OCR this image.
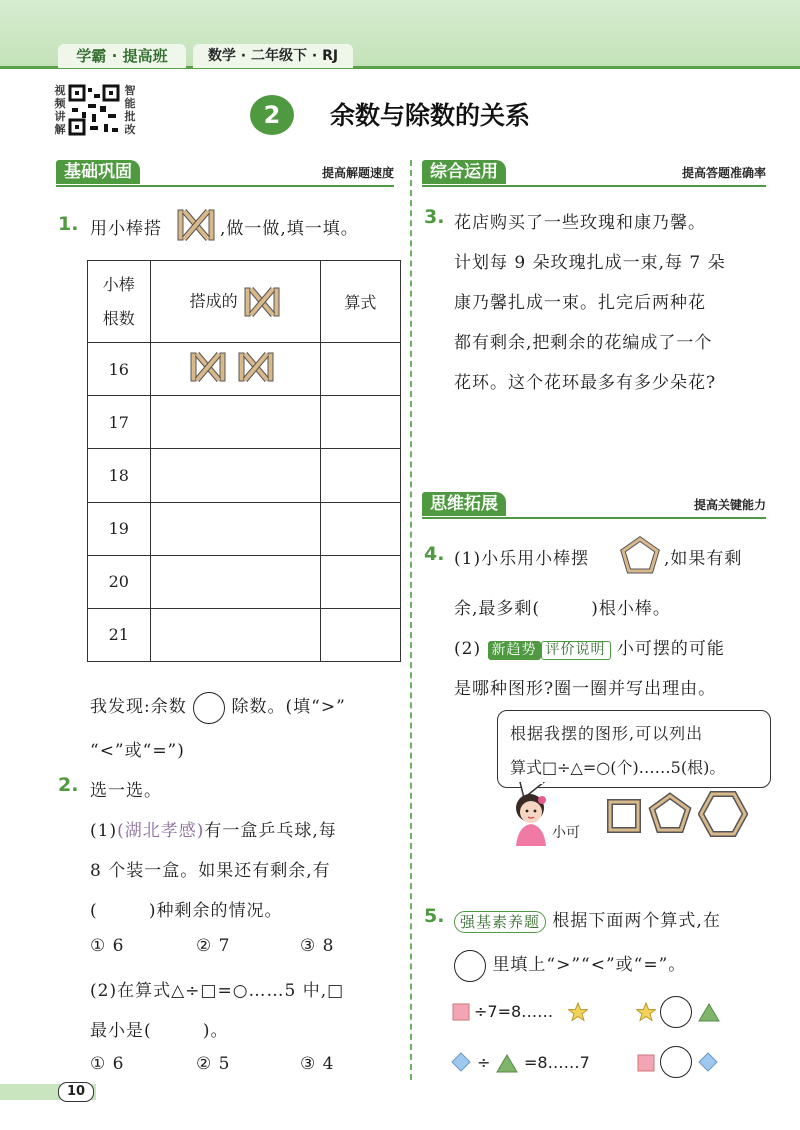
学霸 · 提高班	数学 · 二年级下 · RJ
视频讲解
智能批改
2	余数与除数的关系
基础巩固	提高解题速度
1. 用小棒搭	,做一做,填一填。
小棒
根数	搭成的	算式
16		
17		
18		
19		
20		
21		
我发现:余数	除数。(填“>”
“<”或“=”)
2. 选一选。
(1)(湖北孝感)有一盒乒乓球,每
8 个装一盒。如果还有剩余,有
(        )种剩余的情况。
① 6	② 7	③ 8
(2)在算式△÷□=○……5 中,□
最小是(        )。
① 6	② 5	③ 4
综合运用	提高答题准确率
3. 花店购买了一些玫瑰和康乃馨。
计划每 9 朵玫瑰扎成一束,每 7 朵
康乃馨扎成一束。扎完后两种花
都有剩余,把剩余的花编成了一个
花环。这个花环最多有多少朵花?
思维拓展	提高关键能力
4. (1)小乐用小棒摆	,如果有剩
余,最多剩(        )根小棒。
(2) 新趋势 评价说明 小可摆的可能
是哪种图形?圈一圈并写出理由。
根据我摆的图形,可以列出
算式□÷△=○(个)……5(根)。
小可
5.	强基素养题 根据下面两个算式,在
里填上“>”“<”或“=”。
÷7=8……
÷ =8……7
10
